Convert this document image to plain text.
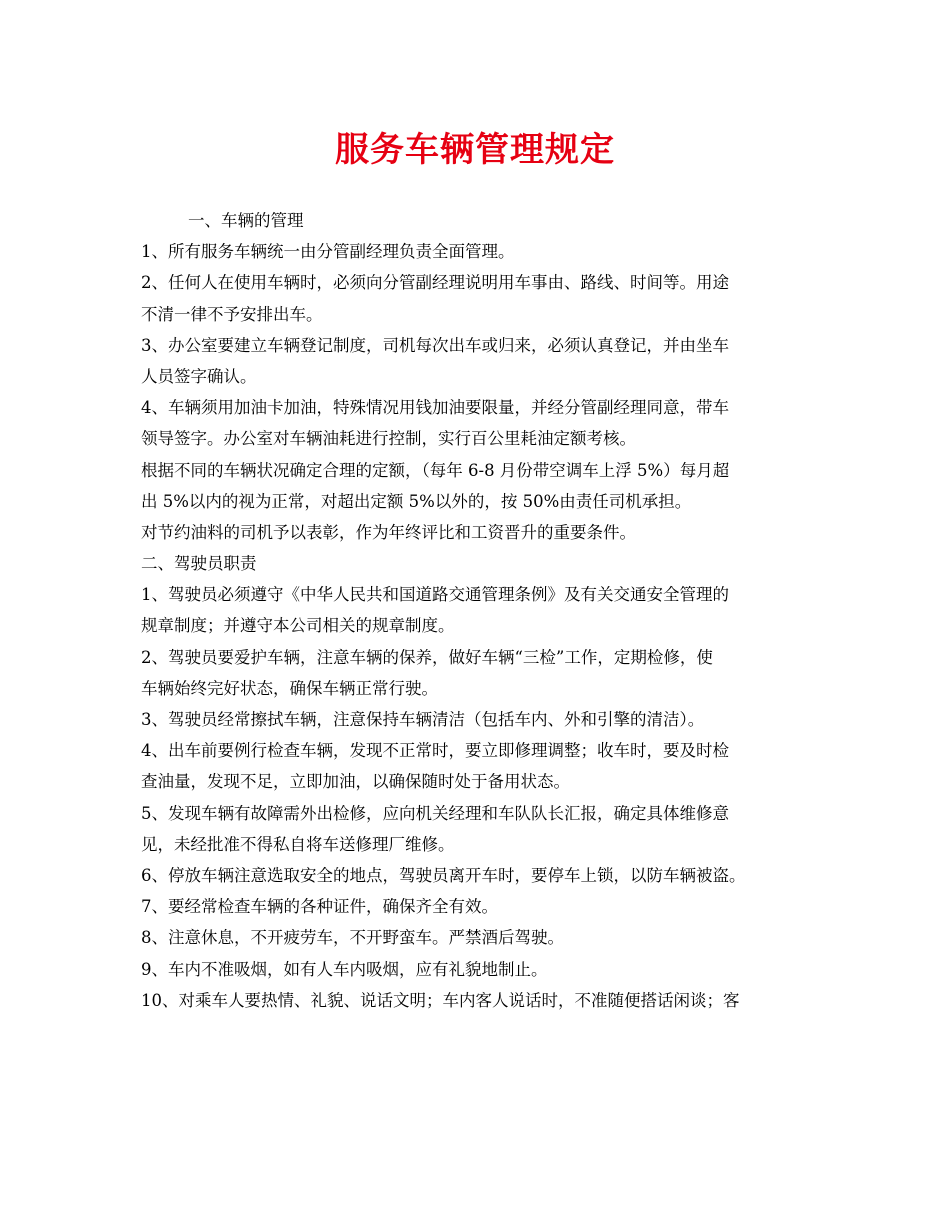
服务车辆管理规定
一、车辆的管理
1、所有服务车辆统一由分管副经理负责全面管理。
2、任何人在使用车辆时，必须向分管副经理说明用车事由、路线、时间等。用途
不清一律不予安排出车。
3、办公室要建立车辆登记制度，司机每次出车或归来，必须认真登记，并由坐车
人员签字确认。
4、车辆须用加油卡加油，特殊情况用钱加油要限量，并经分管副经理同意，带车
领导签字。办公室对车辆油耗进行控制，实行百公里耗油定额考核。
根据不同的车辆状况确定合理的定额，（每年 6-8 月份带空调车上浮 5%）每月超
出 5%以内的视为正常，对超出定额 5%以外的，按 50%由责任司机承担。
对节约油料的司机予以表彰，作为年终评比和工资晋升的重要条件。
二、驾驶员职责
1、驾驶员必须遵守《中华人民共和国道路交通管理条例》及有关交通安全管理的
规章制度；并遵守本公司相关的规章制度。
2、驾驶员要爱护车辆，注意车辆的保养，做好车辆“三检”工作，定期检修，使
车辆始终完好状态，确保车辆正常行驶。
3、驾驶员经常擦拭车辆，注意保持车辆清洁（包括车内、外和引擎的清洁）。
4、出车前要例行检查车辆，发现不正常时，要立即修理调整；收车时，要及时检
查油量，发现不足，立即加油，以确保随时处于备用状态。
5、发现车辆有故障需外出检修，应向机关经理和车队队长汇报，确定具体维修意
见，未经批准不得私自将车送修理厂维修。
6、停放车辆注意选取安全的地点，驾驶员离开车时，要停车上锁，以防车辆被盗。
7、要经常检查车辆的各种证件，确保齐全有效。
8、注意休息，不开疲劳车，不开野蛮车。严禁酒后驾驶。
9、车内不准吸烟，如有人车内吸烟，应有礼貌地制止。
10、对乘车人要热情、礼貌、说话文明；车内客人说话时，不准随便搭话闲谈；客
